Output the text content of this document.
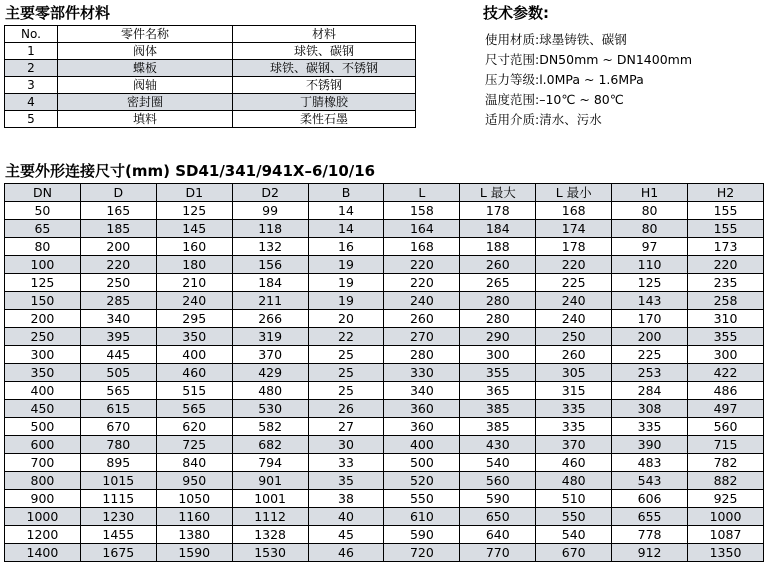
主要零部件材料
No.	零件名称	材料
1	阀体	球铁、碳钢
2	蝶板	球铁、碳钢、不锈钢
3	阀轴	不锈钢
4	密封圈	丁腈橡胶
5	填料	柔性石墨
技术参数:
使用材质:球墨铸铁、碳钢
尺寸范围:DN50mm ~ DN1400mm
压力等级:l.0MPa ~ 1.6MPa
温度范围:–10℃ ~ 80℃
适用介质:清水、污水
主要外形连接尺寸(mm) SD41/341/941X–6/10/16
DN	D	D1	D2	B	L	L 最大	L 最小	H1	H2
50	165	125	99	14	158	178	168	80	155
65	185	145	118	14	164	184	174	80	155
80	200	160	132	16	168	188	178	97	173
100	220	180	156	19	220	260	220	110	220
125	250	210	184	19	220	265	225	125	235
150	285	240	211	19	240	280	240	143	258
200	340	295	266	20	260	280	240	170	310
250	395	350	319	22	270	290	250	200	355
300	445	400	370	25	280	300	260	225	300
350	505	460	429	25	330	355	305	253	422
400	565	515	480	25	340	365	315	284	486
450	615	565	530	26	360	385	335	308	497
500	670	620	582	27	360	385	335	335	560
600	780	725	682	30	400	430	370	390	715
700	895	840	794	33	500	540	460	483	782
800	1015	950	901	35	520	560	480	543	882
900	1115	1050	1001	38	550	590	510	606	925
1000	1230	1160	1112	40	610	650	550	655	1000
1200	1455	1380	1328	45	590	640	540	778	1087
1400	1675	1590	1530	46	720	770	670	912	1350
